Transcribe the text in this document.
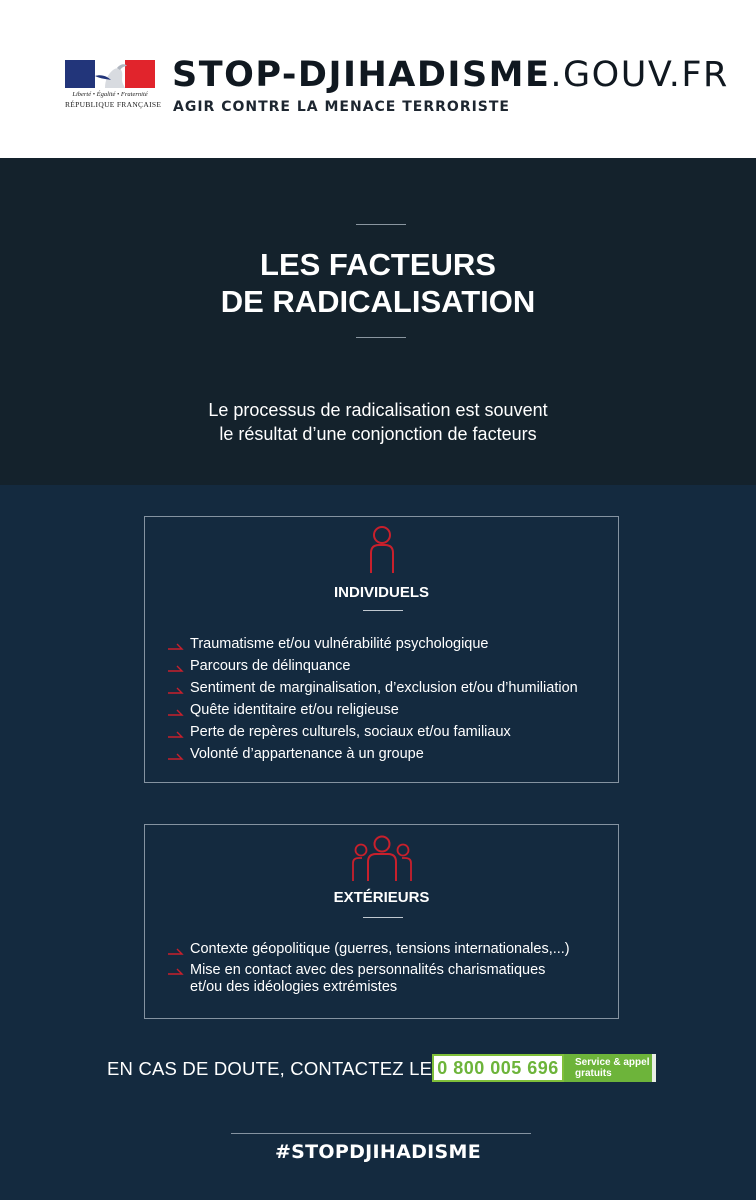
Liberté • Égalité • Fraternité
RÉPUBLIQUE FRANÇAISE
STOP-DJIHADISME.GOUV.FR
AGIR CONTRE LA MENACE TERRORISTE
LES FACTEURS
DE RADICALISATION
Le processus de radicalisation est souvent
le résultat d’une conjonction de facteurs
INDIVIDUELS
Traumatisme et/ou vulnérabilité psychologique
Parcours de délinquance
Sentiment de marginalisation, d’exclusion et/ou d’humiliation
Quête identitaire et/ou religieuse
Perte de repères culturels, sociaux et/ou familiaux
Volonté d’appartenance à un groupe
EXTÉRIEURS
Contexte géopolitique (guerres, tensions internationales,...)
Mise en contact avec des personnalités charismatiques et/ou des idéologies extrémistes
EN CAS DE DOUTE, CONTACTEZ LE 0 800 005 696	Service & appel
gratuits
#STOPDJIHADISME
